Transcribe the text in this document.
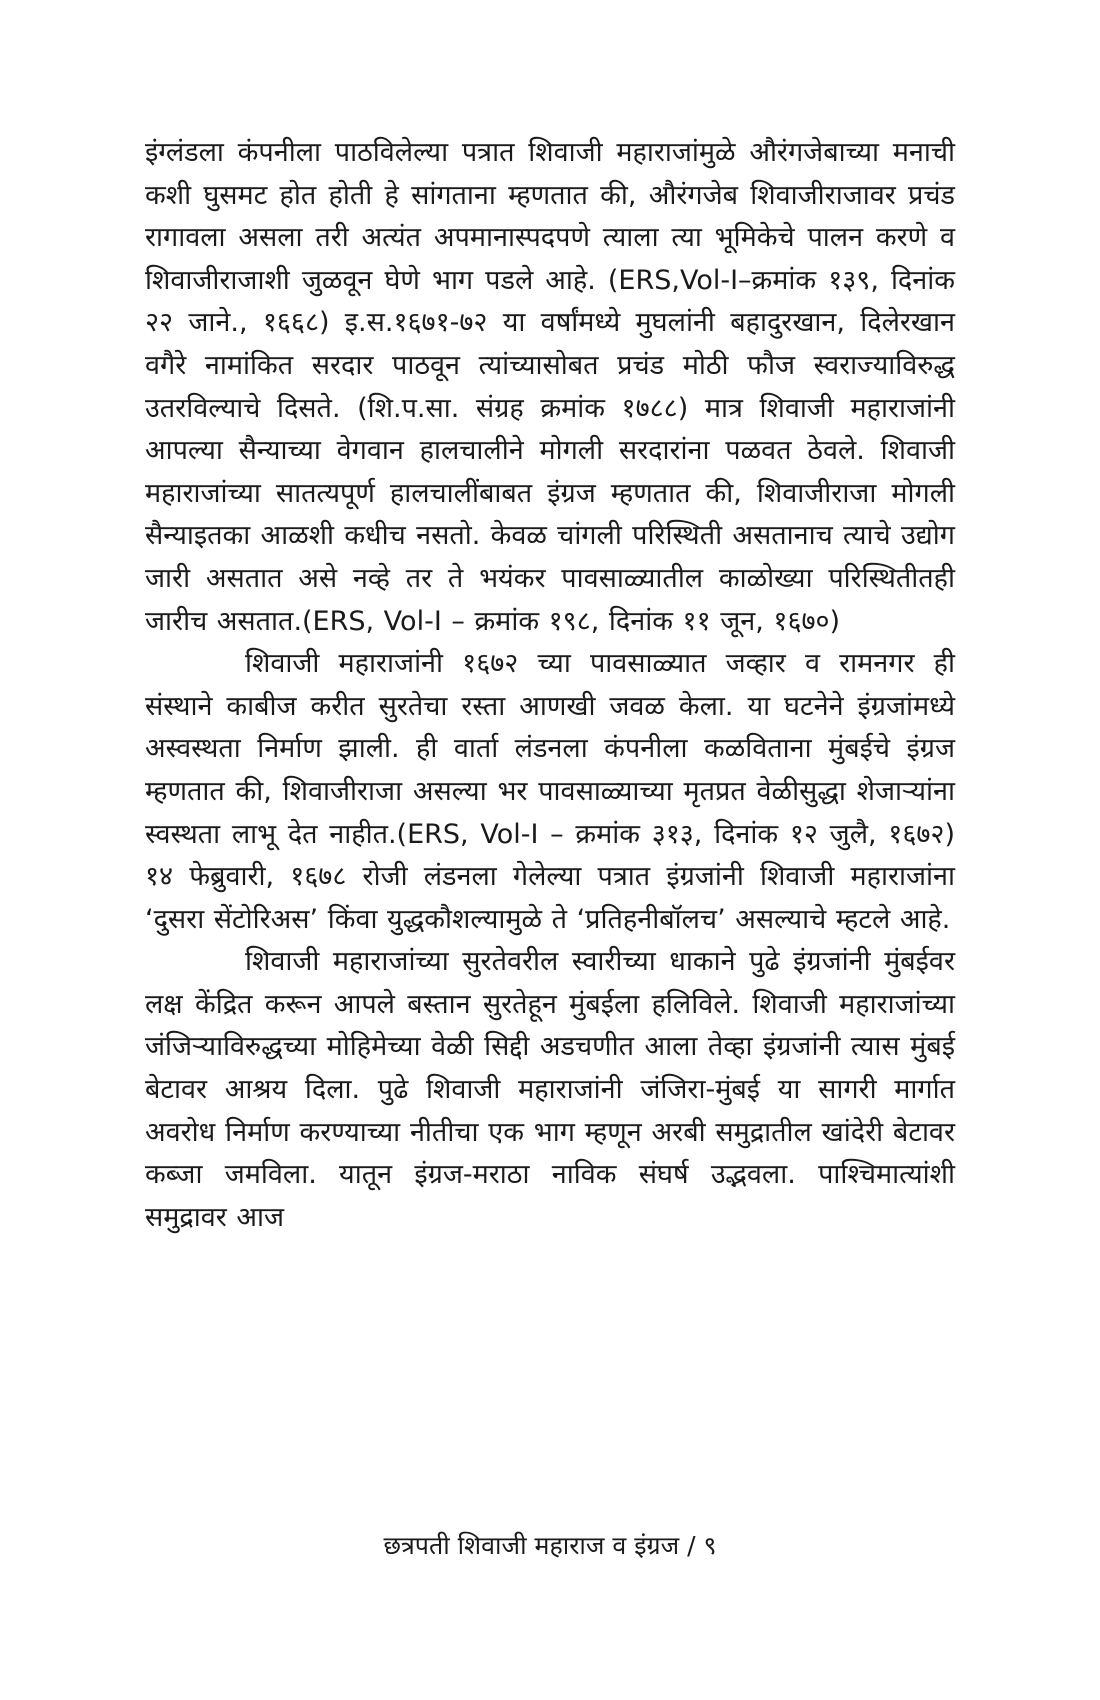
इंग्लंडला कंपनीला पाठविलेल्या पत्रात शिवाजी महाराजांमुळे औरंगजेबाच्या मनाची कशी घुसमट होत होती हे सांगताना म्हणतात की, औरंगजेब शिवाजीराजावर प्रचंड रागावला असला तरी अत्यंत अपमानास्पदपणे त्याला त्या भूमिकेचे पालन करणे व शिवाजीराजाशी जुळवून घेणे भाग पडले आहे. (ERS,Vol-I–क्रमांक १३९, दिनांक २२ जाने., १६६८) इ.स.१६७१-७२ या वर्षांमध्ये मुघलांनी बहादुरखान, दिलेरखान वगैरे नामांकित सरदार पाठवून त्यांच्यासोबत प्रचंड मोठी फौज स्वराज्याविरुद्ध उतरविल्याचे दिसते. (शि.प.सा. संग्रह क्रमांक १७८८) मात्र शिवाजी महाराजांनी आपल्या सैन्याच्या वेगवान हालचालीने मोगली सरदारांना पळवत ठेवले. शिवाजी महाराजांच्या सातत्यपूर्ण हालचालींबाबत इंग्रज म्हणतात की, शिवाजीराजा मोगली सैन्याइतका आळशी कधीच नसतो. केवळ चांगली परिस्थिती असतानाच त्याचे उद्योग जारी असतात असे नव्हे तर ते भयंकर पावसाळ्यातील काळोख्या परिस्थितीतही जारीच असतात.(ERS, Vol-I – क्रमांक १९८, दिनांक ११ जून, १६७०)

शिवाजी महाराजांनी १६७२ च्या पावसाळ्यात जव्हार व रामनगर ही संस्थाने काबीज करीत सुरतेचा रस्ता आणखी जवळ केला. या घटनेने इंग्रजांमध्ये अस्वस्थता निर्माण झाली. ही वार्ता लंडनला कंपनीला कळविताना मुंबईचे इंग्रज म्हणतात की, शिवाजीराजा असल्या भर पावसाळ्याच्या मृतप्रत वेळीसुद्धा शेजाऱ्यांना स्वस्थता लाभू देत नाहीत.(ERS, Vol-I – क्रमांक ३१३, दिनांक १२ जुलै, १६७२) १४ फेब्रुवारी, १६७८ रोजी लंडनला गेलेल्या पत्रात इंग्रजांनी शिवाजी महाराजांना ‘दुसरा सेंटोरिअस’ किंवा युद्धकौशल्यामुळे ते ‘प्रतिहनीबॉलच’ असल्याचे म्हटले आहे.

शिवाजी महाराजांच्या सुरतेवरील स्वारीच्या धाकाने पुढे इंग्रजांनी मुंबईवर लक्ष केंद्रित करून आपले बस्तान सुरतेहून मुंबईला हलिविले. शिवाजी महाराजांच्या जंजिऱ्याविरुद्धच्या मोहिमेच्या वेळी सिद्दी अडचणीत आला तेव्हा इंग्रजांनी त्यास मुंबई बेटावर आश्रय दिला. पुढे शिवाजी महाराजांनी जंजिरा-मुंबई या सागरी मार्गात अवरोध निर्माण करण्याच्या नीतीचा एक भाग म्हणून अरबी समुद्रातील खांदेरी बेटावर कब्जा जमविला. यातून इंग्रज-मराठा नाविक संघर्ष उद्भवला. पाश्चिमात्यांशी समुद्रावर आज

छत्रपती शिवाजी महाराज व इंग्रज / ९
